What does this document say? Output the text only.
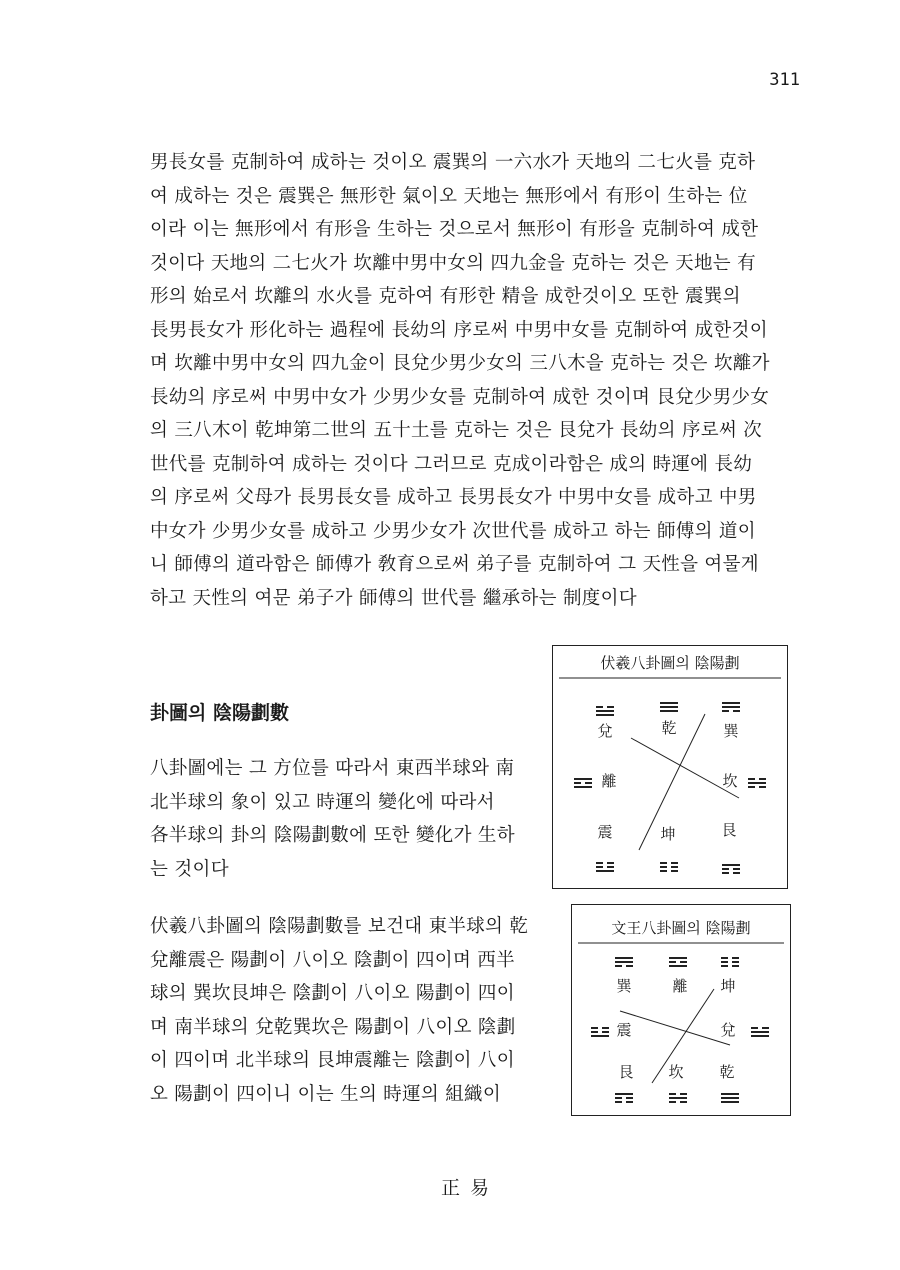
311
男長女를 克制하여 成하는 것이오 震巽의 一六水가 天地의 二七火를 克하
여 成하는 것은 震巽은 無形한 氣이오 天地는 無形에서 有形이 生하는 位
이라 이는 無形에서 有形을 生하는 것으로서 無形이 有形을 克制하여 成한
것이다 天地의 二七火가 坎離中男中女의 四九金을 克하는 것은 天地는 有
形의 始로서 坎離의 水火를 克하여 有形한 精을 成한것이오 또한 震巽의
長男長女가 形化하는 過程에 長幼의 序로써 中男中女를 克制하여 成한것이
며 坎離中男中女의 四九金이 艮兌少男少女의 三八木을 克하는 것은 坎離가
長幼의 序로써 中男中女가 少男少女를 克制하여 成한 것이며 艮兌少男少女
의 三八木이 乾坤第二世의 五十土를 克하는 것은 艮兌가 長幼의 序로써 次
世代를 克制하여 成하는 것이다 그러므로 克成이라함은 成의 時運에 長幼
의 序로써 父母가 長男長女를 成하고 長男長女가 中男中女를 成하고 中男
中女가 少男少女를 成하고 少男少女가 次世代를 成하고 하는 師傅의 道이
니 師傅의 道라함은 師傅가 敎育으로써 弟子를 克制하여 그 天性을 여물게
하고 天性의 여문 弟子가 師傅의 世代를 繼承하는 制度이다
卦圖의 陰陽劃數
八卦圖에는 그 方位를 따라서 東西半球와 南
北半球의 象이 있고 時運의 變化에 따라서
各半球의 卦의 陰陽劃數에 또한 變化가 生하
는 것이다
伏羲八卦圖의 陰陽劃數를 보건대 東半球의 乾
兌離震은 陽劃이 八이오 陰劃이 四이며 西半
球의 巽坎艮坤은 陰劃이 八이오 陽劃이 四이
며 南半球의 兌乾巽坎은 陽劃이 八이오 陰劃
이 四이며 北半球의 艮坤震離는 陰劃이 八이
오 陽劃이 四이니 이는 生의 時運의 組織이
伏羲八卦圖의 陰陽劃
兌	乾	巽
離	坎
震	坤	艮
文王八卦圖의 陰陽劃
巽	離 坤
震	兌
艮 坎 乾
正易
